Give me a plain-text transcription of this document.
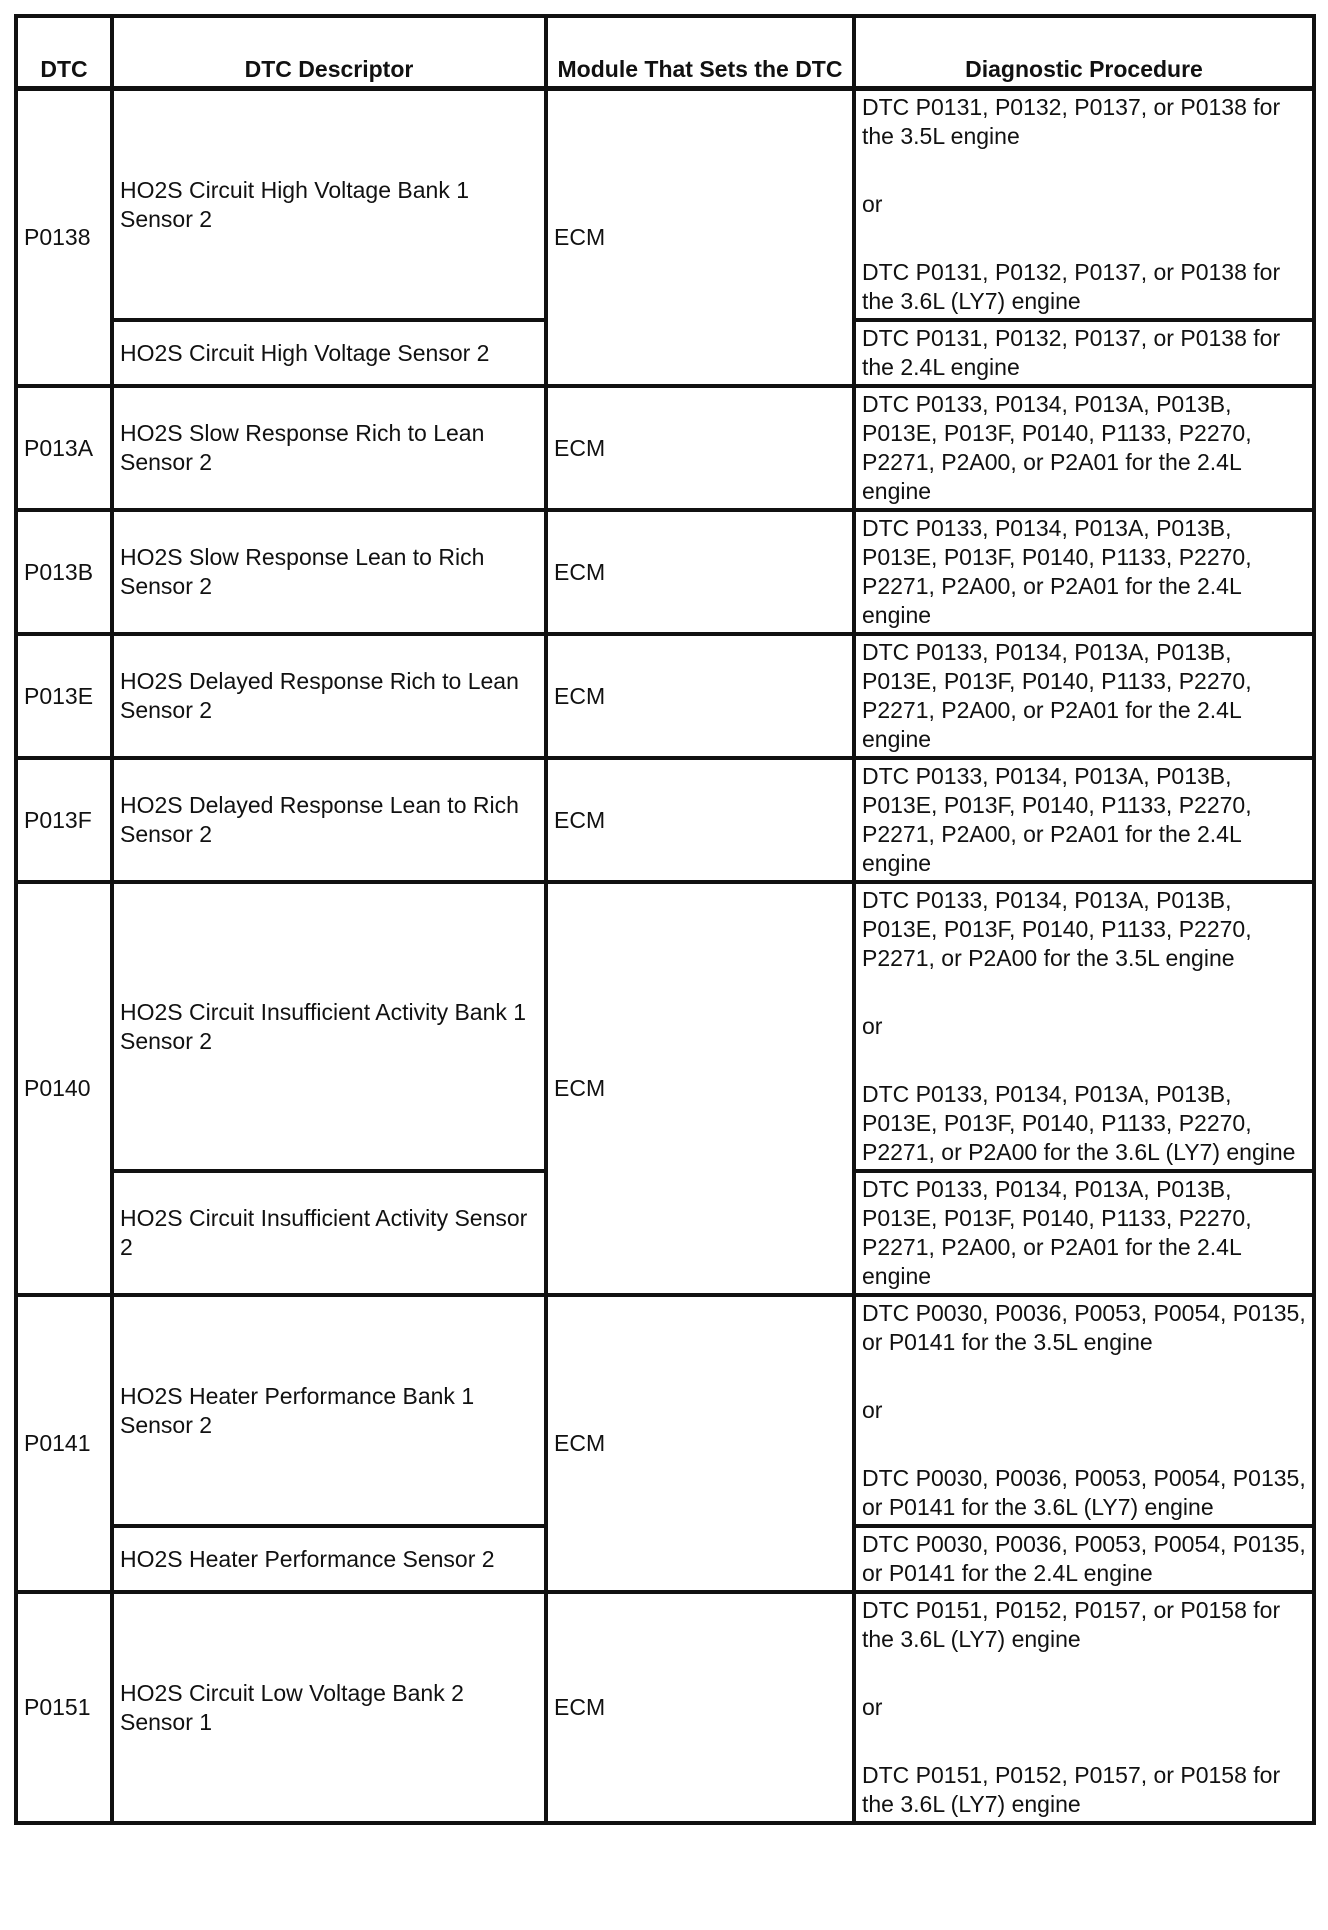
DTC	DTC Descriptor	Module That Sets the DTC	Diagnostic Procedure
P0138	HO2S Circuit High Voltage Bank 1 Sensor 2	ECM	DTC P0131, P0132, P0137, or P0138 for the 3.5L engine
or
DTC P0131, P0132, P0137, or P0138 for the 3.6L (LY7) engine

	HO2S Circuit High Voltage Sensor 2		DTC P0131, P0132, P0137, or P0138 for the 2.4L engine

P013A	HO2S Slow Response Rich to Lean Sensor 2	ECM	DTC P0133, P0134, P013A, P013B, P013E, P013F, P0140, P1133, P2270, P2271, P2A00, or P2A01 for the 2.4L engine

P013B	HO2S Slow Response Lean to Rich Sensor 2	ECM	DTC P0133, P0134, P013A, P013B, P013E, P013F, P0140, P1133, P2270, P2271, P2A00, or P2A01 for the 2.4L engine

P013E	HO2S Delayed Response Rich to Lean Sensor 2	ECM	DTC P0133, P0134, P013A, P013B, P013E, P013F, P0140, P1133, P2270, P2271, P2A00, or P2A01 for the 2.4L engine

P013F	HO2S Delayed Response Lean to Rich Sensor 2	ECM	DTC P0133, P0134, P013A, P013B, P013E, P013F, P0140, P1133, P2270, P2271, P2A00, or P2A01 for the 2.4L engine

P0140	HO2S Circuit Insufficient Activity Bank 1 Sensor 2	ECM	DTC P0133, P0134, P013A, P013B, P013E, P013F, P0140, P1133, P2270, P2271, or P2A00 for the 3.5L engine
or
DTC P0133, P0134, P013A, P013B, P013E, P013F, P0140, P1133, P2270, P2271, or P2A00 for the 3.6L (LY7) engine

	HO2S Circuit Insufficient Activity Sensor 2		DTC P0133, P0134, P013A, P013B, P013E, P013F, P0140, P1133, P2270, P2271, P2A00, or P2A01 for the 2.4L engine

P0141	HO2S Heater Performance Bank 1 Sensor 2	ECM	DTC P0030, P0036, P0053, P0054, P0135, or P0141 for the 3.5L engine
or
DTC P0030, P0036, P0053, P0054, P0135, or P0141 for the 3.6L (LY7) engine

	HO2S Heater Performance Sensor 2		DTC P0030, P0036, P0053, P0054, P0135, or P0141 for the 2.4L engine

P0151	HO2S Circuit Low Voltage Bank 2 Sensor 1	ECM	DTC P0151, P0152, P0157, or P0158 for the 3.6L (LY7) engine
or
DTC P0151, P0152, P0157, or P0158 for the 3.6L (LY7) engine
